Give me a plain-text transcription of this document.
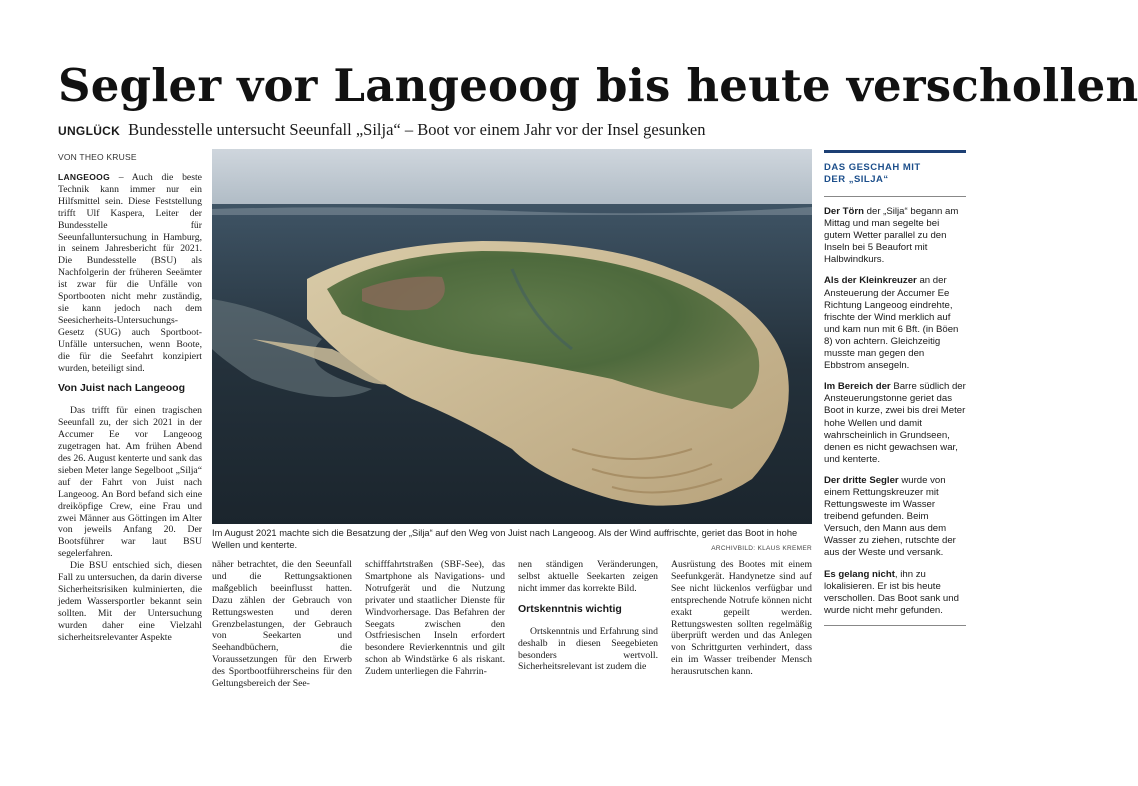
Segler vor Langeoog bis heute verschollen
UNGLÜCK Bundesstelle untersucht Seeunfall „Silja“ – Boot vor einem Jahr vor der Insel gesunken
VON THEO KRUSE

LANGEOOG – Auch die beste Technik kann immer nur ein Hilfsmittel sein. Diese Feststellung trifft Ulf Kaspera, Leiter der Bundesstelle für Seeunfalluntersuchung in Hamburg, in seinem Jahresbericht für 2021. Die Bundesstelle (BSU) als Nachfolgerin der früheren Seeämter ist zwar für die Unfälle von Sportbooten nicht mehr zuständig, sie kann jedoch nach dem Seesicherheits-Untersuchungs-Gesetz (SUG) auch Sportboot-Unfälle untersuchen, wenn Boote, die für die Seefahrt konzipiert wurden, beteiligt sind.

Von Juist nach Langeoog

Das trifft für einen tragischen Seeunfall zu, der sich 2021 in der Accumer Ee vor Langeoog zugetragen hat. Am frühen Abend des 26. August kenterte und sank das sieben Meter lange Segelboot „Silja“ auf der Fahrt von Juist nach Langeoog. An Bord befand sich eine dreiköpfige Crew, eine Frau und zwei Männer aus Göttingen im Alter von jeweils Anfang 20. Der Bootsführer war laut BSU segelerfahren.

Die BSU entschied sich, diesen Fall zu untersuchen, da darin diverse Sicherheitsrisiken kulminierten, die jedem Wassersportler bekannt sein sollten. Mit der Untersuchung wurden daher eine Vielzahl sicherheitsrelevanter Aspekte

Im August 2021 machte sich die Besatzung der „Silja“ auf den Weg von Juist nach Langeoog. Als der Wind auffrischte, geriet das Boot in hohe Wellen und kenterte.	ARCHIVBILD: KLAUS KREMER

näher betrachtet, die den Seeunfall und die Rettungsaktionen maßgeblich beeinflusst hatten. Dazu zählen der Gebrauch von Rettungswesten und deren Grenzbelastungen, der Gebrauch von Seekarten und Seehandbüchern, die Voraussetzungen für den Erwerb des Sportbootführerscheins für den Geltungsbereich der See-

schifffahrtstraßen (SBF-See), das Smartphone als Navigations- und Notrufgerät und die Nutzung privater und staatlicher Dienste für Windvorhersage. Das Befahren der Seegats zwischen den Ostfriesischen Inseln erfordert besondere Revierkenntnis und gilt schon ab Windstärke 6 als riskant. Zudem unterliegen die Fahrrin-

nen ständigen Veränderungen, selbst aktuelle Seekarten zeigen nicht immer das korrekte Bild.

Ortskenntnis wichtig

Ortskenntnis und Erfahrung sind deshalb in diesen Seegebieten besonders wertvoll. Sicherheitsrelevant ist zudem die

Ausrüstung des Bootes mit einem Seefunkgerät. Handynetze sind auf See nicht lückenlos verfügbar und entsprechende Notrufe können nicht exakt gepeilt werden. Rettungswesten sollten regelmäßig überprüft werden und das Anlegen von Schrittgurten verhindert, dass ein im Wasser treibender Mensch herausrutschen kann.

DAS GESCHAH MIT
DER „SILJA“

Der Törn der „Silja“ begann am Mittag und man segelte bei gutem Wetter parallel zu den Inseln bei 5 Beaufort mit Halbwindkurs.

Als der Kleinkreuzer an der Ansteuerung der Accumer Ee Richtung Langeoog eindrehte, frischte der Wind merklich auf und kam nun mit 6 Bft. (in Böen 8) von achtern. Gleichzeitig musste man gegen den Ebbstrom ansegeln.

Im Bereich der Barre südlich der Ansteuerungstonne geriet das Boot in kurze, zwei bis drei Meter hohe Wellen und damit wahrscheinlich in Grundseen, denen es nicht gewachsen war, und kenterte.

Der dritte Segler wurde von einem Rettungskreuzer mit Rettungsweste im Wasser treibend gefunden. Beim Versuch, den Mann aus dem Wasser zu ziehen, rutschte der aus der Weste und versank.

Es gelang nicht, ihn zu lokalisieren. Er ist bis heute verschollen. Das Boot sank und wurde nicht mehr gefunden.
